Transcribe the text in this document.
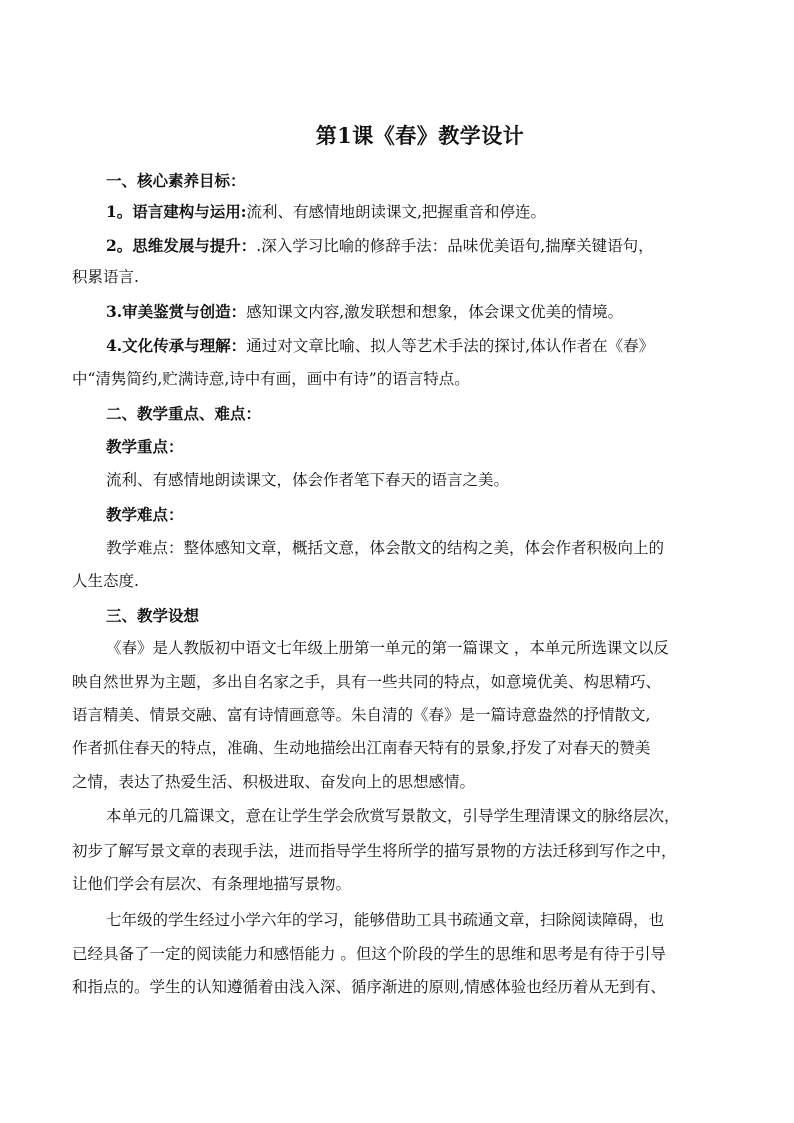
第1课《春》教学设计
一、核心素养目标：
1。语言建构与运用:流利、有感情地朗读课文,把握重音和停连。
2。思维发展与提升：.深入学习比喻的修辞手法：品味优美语句,揣摩关键语句，
积累语言.
3.审美鉴赏与创造：感知课文内容,激发联想和想象，体会课文优美的情境。
4.文化传承与理解：通过对文章比喻、拟人等艺术手法的探讨,体认作者在《春》
中“清隽简约,贮满诗意,诗中有画，画中有诗”的语言特点。
二、教学重点、难点：
教学重点：
流利、有感情地朗读课文，体会作者笔下春天的语言之美。
教学难点：
教学难点：整体感知文章，概括文意，体会散文的结构之美，体会作者积极向上的
人生态度.
三、教学设想
《春》是人教版初中语文七年级上册第一单元的第一篇课文 ，本单元所选课文以反
映自然世界为主题，多出自名家之手，具有一些共同的特点，如意境优美、构思精巧、
语言精美、情景交融、富有诗情画意等。朱自清的《春》是一篇诗意盎然的抒情散文,
作者抓住春天的特点，准确、生动地描绘出江南春天特有的景象,抒发了对春天的赞美
之情，表达了热爱生活、积极进取、奋发向上的思想感情。
本单元的几篇课文，意在让学生学会欣赏写景散文，引导学生理清课文的脉络层次，
初步了解写景文章的表现手法，进而指导学生将所学的描写景物的方法迁移到写作之中，
让他们学会有层次、有条理地描写景物。
七年级的学生经过小学六年的学习，能够借助工具书疏通文章，扫除阅读障碍，也
已经具备了一定的阅读能力和感悟能力 。但这个阶段的学生的思维和思考是有待于引导
和指点的。学生的认知遵循着由浅入深、循序渐进的原则,情感体验也经历着从无到有、
